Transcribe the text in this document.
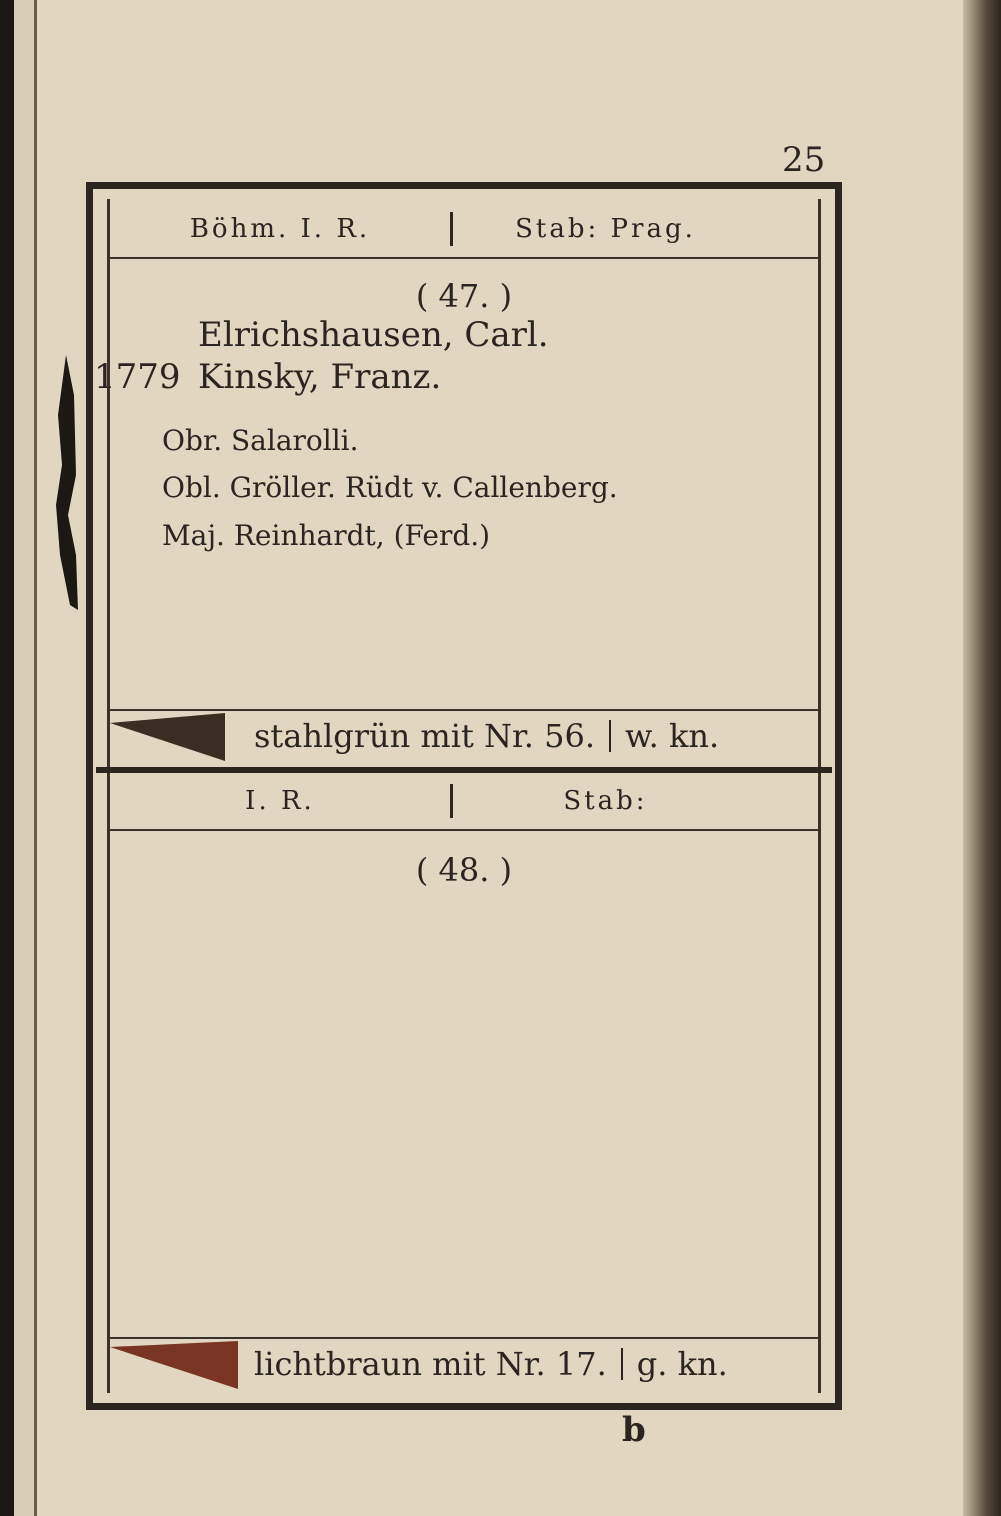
25
Böhm. I. R.	Stab: Prag.
( 47. )
Elrichshausen, Carl.
1779 Kinsky, Franz.
Obr. Salarolli.
Obl. Gröller. Rüdt v. Callenberg.
Maj. Reinhardt, (Ferd.)
stahlgrün mit Nr. 56. w. kn.
I. R.	Stab:
( 48. )
lichtbraun mit Nr. 17. g. kn.
b
